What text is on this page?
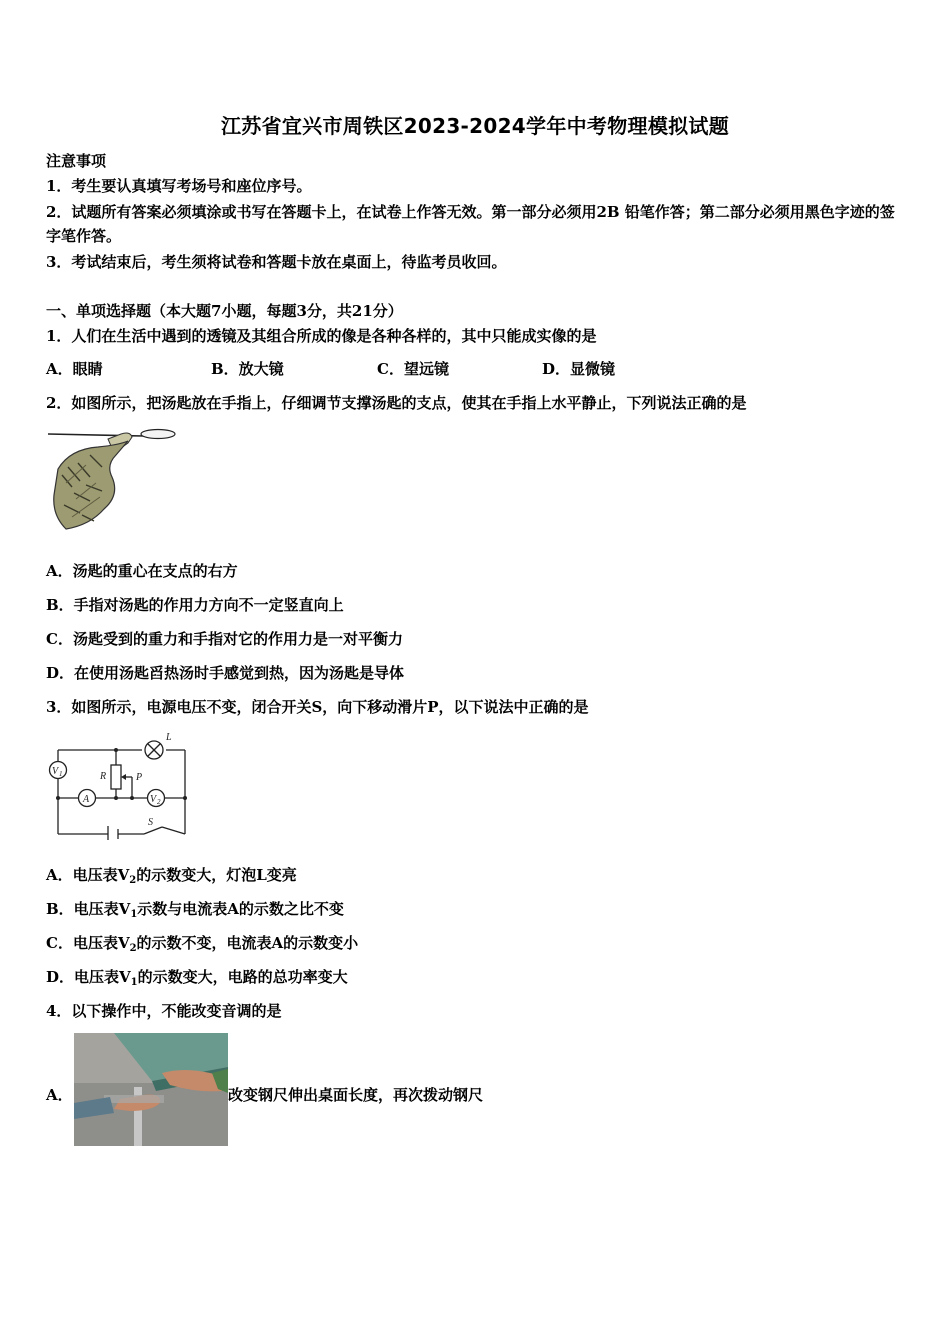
江苏省宜兴市周铁区2023-2024学年中考物理模拟试题
注意事项
1．考生要认真填写考场号和座位序号。
2．试题所有答案必须填涂或书写在答题卡上，在试卷上作答无效。第一部分必须用2B 铅笔作答；第二部分必须用黑色字迹的签字笔作答。
3．考试结束后，考生须将试卷和答题卡放在桌面上，待监考员收回。
一、单项选择题（本大题7小题，每题3分，共21分）
1．人们在生活中遇到的透镜及其组合所成的像是各种各样的，其中只能成实像的是
A．眼睛	B．放大镜	C．望远镜	D．显微镜
2．如图所示，把汤匙放在手指上，仔细调节支撑汤匙的支点，使其在手指上水平静止，下列说法正确的是
A．汤匙的重心在支点的右方
B．手指对汤匙的作用力方向不一定竖直向上
C．汤匙受到的重力和手指对它的作用力是一对平衡力
D．在使用汤匙舀热汤时手感觉到热，因为汤匙是导体
3．如图所示，电源电压不变，闭合开关S，向下移动滑片P，以下说法中正确的是
L
R	P
S
A
V 1
V 2
A．电压表$V_2$的示数变大，灯泡L变亮
B．电压表$V_1$示数与电流表A的示数之比不变
C．电压表$V_2$的示数不变，电流表A的示数变小
D．电压表$V_1$的示数变大，电路的总功率变大
4．以下操作中，不能改变音调的是
A．	改变钢尺伸出桌面长度，再次拨动钢尺
